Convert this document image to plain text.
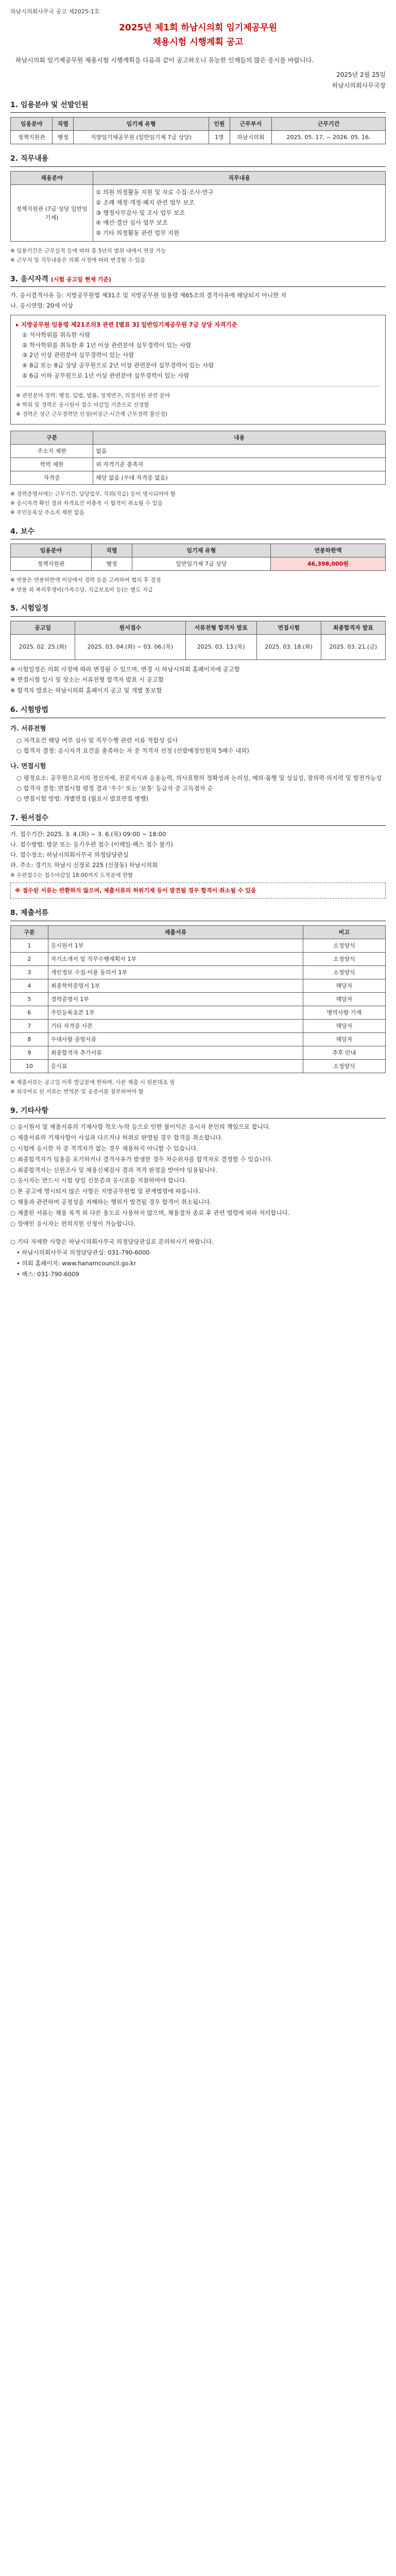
하남시의회사무국 공고 제2025-1호
2025년 제1회 하남시의회 임기제공무원
채용시험 시행계획 공고
하남시의회 임기제공무원 채용시험 시행계획을 다음과 같이 공고하오니 유능한 인재들의 많은 응시를 바랍니다.
2025년 2월 25일
하남시의회사무국장
1. 임용분야 및 선발인원
임용분야	직렬	임기제 유형	인원	근무부서	근무기간
정책지원관	행정	지방임기제공무원 (일반임기제 7급 상당)	1명	하남시의회	2025. 05. 17. ~ 2026. 05. 16.
2. 직무내용
채용분야	직무내용
정책지원관 (7급 상당 일반임기제)	① 의원 의정활동 지원 및 자료 수집·조사·연구
② 조례 제정·개정·폐지 관련 업무 보조
③ 행정사무감사 및 조사 업무 보조
④ 예산·결산 심사 업무 보조
⑤ 기타 의정활동 관련 업무 지원
※ 임용기간은 근무실적 등에 따라 총 5년의 범위 내에서 연장 가능
※ 근무지 및 직무내용은 의회 사정에 따라 변경될 수 있음
3. 응시자격 (시험 공고일 현재 기준)
가. 응시결격사유 등: 지방공무원법 제31조 및 지방공무원 임용령 제65조의 결격사유에 해당되지 아니한 자
나. 응시연령: 20세 이상
▸ 지방공무원 임용령 제21조의3 관련 [별표 3] 일반임기제공무원 7급 상당 자격기준
① 석사학위를 취득한 사람
② 학사학위를 취득한 후 1년 이상 관련분야 실무경력이 있는 사람
③ 2년 이상 관련분야 실무경력이 있는 사람
④ 8급 또는 8급 상당 공무원으로 2년 이상 관련분야 실무경력이 있는 사람
⑤ 6급 이하 공무원으로 1년 이상 관련분야 실무경력이 있는 사람
※ 관련분야 경력: 행정, 입법, 법률, 정책연구, 의정지원 관련 분야
※ 학위 및 경력은 응시원서 접수 마감일 기준으로 산정함
※ 경력은 상근 근무경력만 인정(비상근·시간제 근무경력 불인정)
구분	내용
주소지 제한	없음
학력 제한	위 자격기준 충족자
자격증	해당 없음 (우대 자격증 없음)
※ 경력증명서에는 근무기간, 담당업무, 직위(직급) 등이 명시되어야 함
※ 응시자격 확인 결과 자격요건 미충족 시 합격이 취소될 수 있음
※ 주민등록상 주소지 제한 없음
4. 보수
임용분야	직렬	임기제 유형	연봉하한액
정책지원관	행정	일반임기제 7급 상당	46,398,000원
※ 연봉은 연봉하한액 이상에서 경력 등을 고려하여 협의 후 결정
※ 연봉 외 복리후생비(가족수당, 직급보조비 등)는 별도 지급
5. 시험일정
공고일	원서접수	서류전형 합격자 발표	면접시험	최종합격자 발표
2025. 02. 25.(화)	2025. 03. 04.(화) ~ 03. 06.(목)	2025. 03. 13.(목)	2025. 03. 18.(화)	2025. 03. 21.(금)
※ 시험일정은 의회 사정에 따라 변경될 수 있으며, 변경 시 하남시의회 홈페이지에 공고함
※ 면접시험 일시 및 장소는 서류전형 합격자 발표 시 공고함
※ 합격자 발표는 하남시의회 홈페이지 공고 및 개별 통보함
6. 시험방법
가. 서류전형
○ 자격요건 해당 여부 심사 및 직무수행 관련 서류 적합성 심사
○ 합격자 결정: 응시자격 요건을 충족하는 자 중 적격자 선정 (선발예정인원의 5배수 내외)
나. 면접시험
○ 평정요소: 공무원으로서의 정신자세, 전문지식과 응용능력, 의사표현의 정확성과 논리성, 예의·품행 및 성실성, 창의력·의지력 및 발전가능성
○ 합격자 결정: 면접시험 평정 결과 '우수' 또는 '보통' 등급자 중 고득점자 순
○ 면접시험 방법: 개별면접 (필요시 발표면접 병행)
7. 원서접수
가. 접수기간: 2025. 3. 4.(화) ~ 3. 6.(목) 09:00 ~ 18:00
나. 접수방법: 방문 또는 등기우편 접수 (이메일·팩스 접수 불가)
다. 접수장소: 하남시의회사무국 의정담당관실
라. 주소: 경기도 하남시 신장로 225 (신장동) 하남시의회
※ 우편접수는 접수마감일 18:00까지 도착분에 한함
※ 접수된 서류는 반환하지 않으며, 제출서류의 허위기재 등이 발견될 경우 합격이 취소될 수 있음
8. 제출서류
구분	제출서류	비고
1	응시원서 1부	소정양식
2	자기소개서 및 직무수행계획서 1부	소정양식
3	개인정보 수집·이용 동의서 1부	소정양식
4	최종학력증명서 1부	해당자
5	경력증명서 1부	해당자
6	주민등록초본 1부	병역사항 기재
7	기타 자격증 사본	해당자
8	우대사항 증빙서류	해당자
9	최종합격자 추가서류	추후 안내
10	응시표	소정양식
※ 제출서류는 공고일 이후 발급분에 한하며, 사본 제출 시 원본대조 필
※ 외국어로 된 서류는 번역본 및 공증서를 첨부하여야 함
9. 기타사항
○ 응시원서 및 제출서류의 기재사항 착오·누락 등으로 인한 불이익은 응시자 본인의 책임으로 합니다.
○ 제출서류의 기재사항이 사실과 다르거나 허위로 판명될 경우 합격을 취소합니다.
○ 시험에 응시한 자 중 적격자가 없는 경우 채용하지 아니할 수 있습니다.
○ 최종합격자가 임용을 포기하거나 결격사유가 발생한 경우 차순위자를 합격자로 결정할 수 있습니다.
○ 최종합격자는 신원조사 및 채용신체검사 결과 적격 판정을 받아야 임용됩니다.
○ 응시자는 반드시 시험 당일 신분증과 응시표를 지참하여야 합니다.
○ 본 공고에 명시되지 않은 사항은 지방공무원법 및 관계법령에 따릅니다.
○ 채용과 관련하여 공정성을 저해하는 행위가 발견될 경우 합격이 취소됩니다.
○ 제출된 서류는 채용 목적 외 다른 용도로 사용하지 않으며, 채용절차 종료 후 관련 법령에 따라 처리합니다.
○ 장애인 응시자는 편의지원 신청이 가능합니다.
○ 기타 자세한 사항은 하남시의회사무국 의정담당관실로 문의하시기 바랍니다.
• 하남시의회사무국 의정담당관실: 031-790-6000
• 의회 홈페이지: www.hanamcouncil.go.kr
• 팩스: 031-790-6009
